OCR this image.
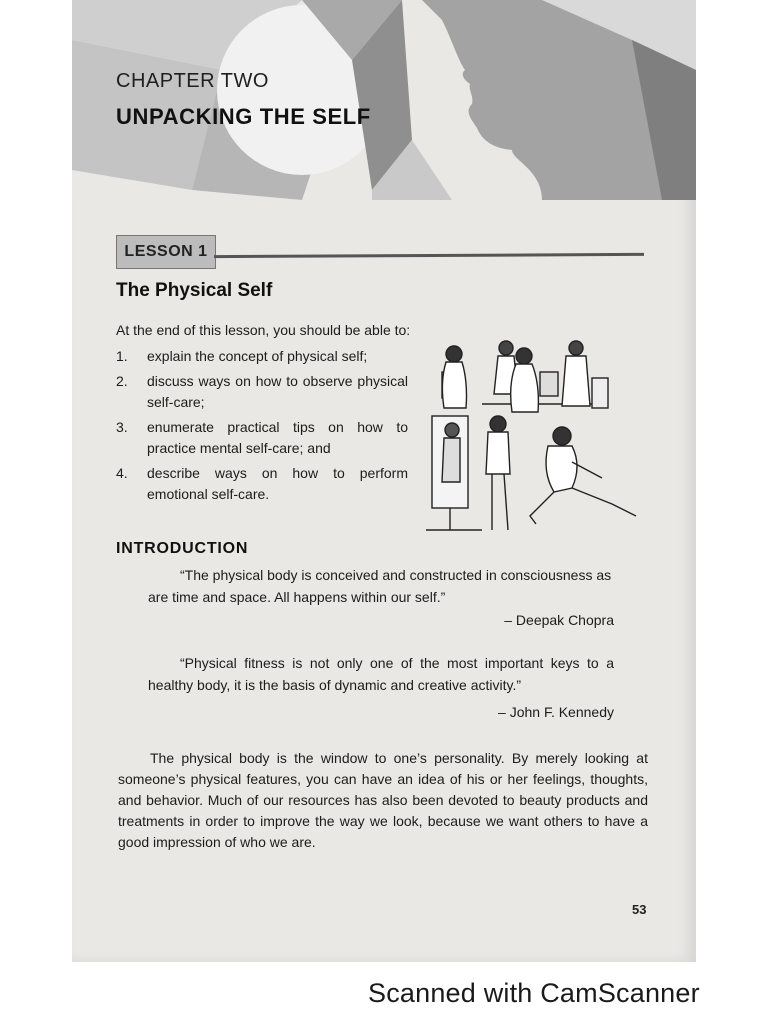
CHAPTER TWO
UNPACKING THE SELF
LESSON 1
The Physical Self
At the end of this lesson, you should be able to:
1. explain the concept of physical self;
2. discuss ways on how to observe physical self-care;
3. enumerate practical tips on how to practice mental self-care; and
4. describe ways on how to perform emotional self-care.
INTRODUCTION
“The physical body is conceived and constructed in consciousness as are time and space. All happens within our self.”
– Deepak Chopra
“Physical fitness is not only one of the most important keys to a healthy body, it is the basis of dynamic and creative activity.”
– John F. Kennedy
The physical body is the window to one’s personality. By merely looking at someone’s physical features, you can have an idea of his or her feelings, thoughts, and behavior. Much of our resources has also been devoted to beauty products and treatments in order to improve the way we look, because we want others to have a good impression of who we are.
53
Scanned with CamScanner
